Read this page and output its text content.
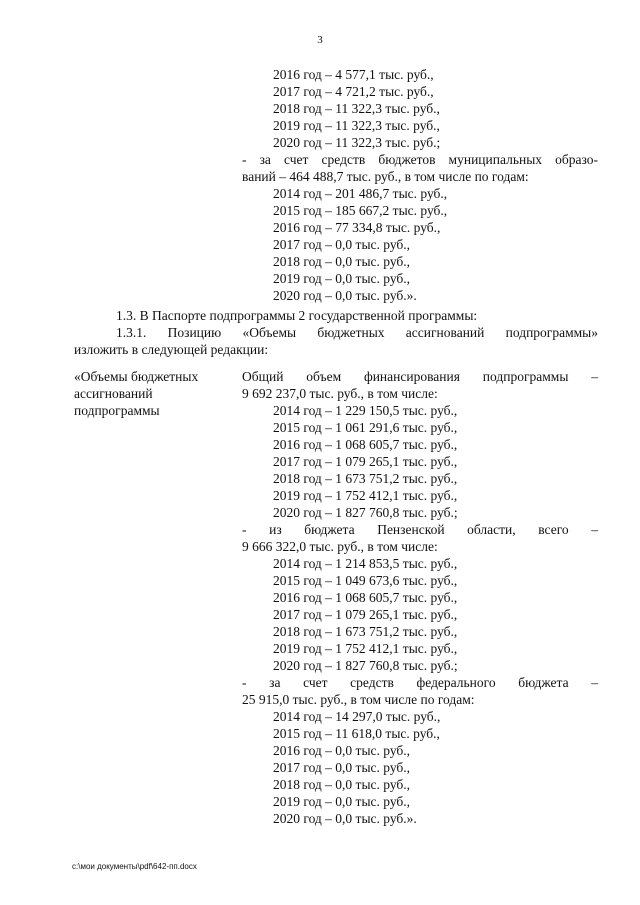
3
2016 год – 4 577,1 тыс. руб.,
2017 год – 4 721,2 тыс. руб.,
2018 год – 11 322,3 тыс. руб.,
2019 год – 11 322,3 тыс. руб.,
2020 год – 11 322,3 тыс. руб.;
- за счет средств бюджетов муниципальных образо-
ваний – 464 488,7 тыс. руб., в том числе по годам:
2014 год – 201 486,7 тыс. руб.,
2015 год – 185 667,2 тыс. руб.,
2016 год – 77 334,8 тыс. руб.,
2017 год – 0,0 тыс. руб.,
2018 год – 0,0 тыс. руб.,
2019 год – 0,0 тыс. руб.,
2020 год – 0,0 тыс. руб.».
1.3. В Паспорте подпрограммы 2 государственной программы:
1.3.1. Позицию «Объемы бюджетных ассигнований подпрограммы»
изложить в следующей редакции:
«Объемы бюджетных
ассигнований
подпрограммы
Общий объем финансирования подпрограммы –
9 692 237,0 тыс. руб., в том числе:
2014 год – 1 229 150,5 тыс. руб.,
2015 год – 1 061 291,6 тыс. руб.,
2016 год – 1 068 605,7 тыс. руб.,
2017 год – 1 079 265,1 тыс. руб.,
2018 год – 1 673 751,2 тыс. руб.,
2019 год – 1 752 412,1 тыс. руб.,
2020 год – 1 827 760,8 тыс. руб.;
- из бюджета Пензенской области, всего –
9 666 322,0 тыс. руб., в том числе:
2014 год – 1 214 853,5 тыс. руб.,
2015 год – 1 049 673,6 тыс. руб.,
2016 год – 1 068 605,7 тыс. руб.,
2017 год – 1 079 265,1 тыс. руб.,
2018 год – 1 673 751,2 тыс. руб.,
2019 год – 1 752 412,1 тыс. руб.,
2020 год – 1 827 760,8 тыс. руб.;
- за счет средств федерального бюджета –
25 915,0 тыс. руб., в том числе по годам:
2014 год – 14 297,0 тыс. руб.,
2015 год – 11 618,0 тыс. руб.,
2016 год – 0,0 тыс. руб.,
2017 год – 0,0 тыс. руб.,
2018 год – 0,0 тыс. руб.,
2019 год – 0,0 тыс. руб.,
2020 год – 0,0 тыс. руб.».
c:\мои документы\pdf\642-пп.docx
